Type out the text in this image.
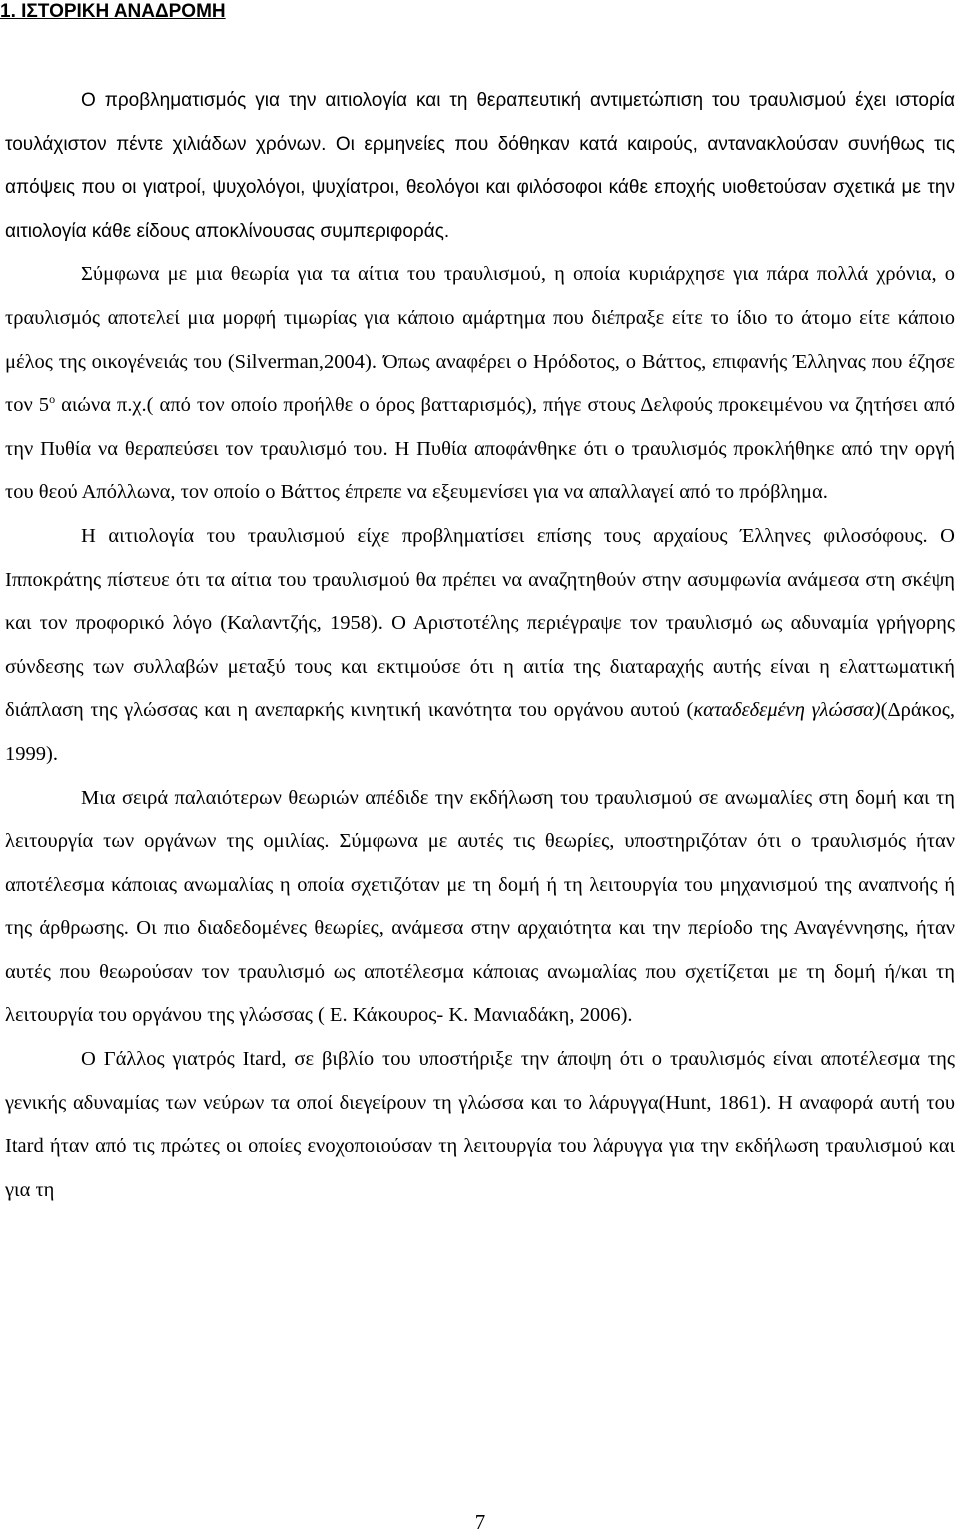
1. ΙΣΤΟΡΙΚΗ ΑΝΑΔΡΟΜΗ

Ο προβληματισμός για την αιτιολογία και τη θεραπευτική αντιμετώπιση του τραυλισμού έχει ιστορία τουλάχιστον πέντε χιλιάδων χρόνων. Οι ερμηνείες που δόθηκαν κατά καιρούς, αντανακλούσαν συνήθως τις απόψεις που οι γιατροί, ψυχολόγοι, ψυχίατροι, θεολόγοι και φιλόσοφοι κάθε εποχής υιοθετούσαν σχετικά με την αιτιολογία κάθε είδους αποκλίνουσας συμπεριφοράς.

Σύμφωνα με μια θεωρία για τα αίτια του τραυλισμού, η οποία κυριάρχησε για πάρα πολλά χρόνια, ο τραυλισμός αποτελεί μια μορφή τιμωρίας για κάποιο αμάρτημα που διέπραξε είτε το ίδιο το άτομο είτε κάποιο μέλος της οικογένειάς του (Silverman,2004). Όπως αναφέρει ο Ηρόδοτος, ο Βάττος, επιφανής Έλληνας που έζησε τον $5^o$ αιώνα π.χ.( από τον οποίο προήλθε ο όρος βατταρισμός), πήγε στους Δελφούς προκειμένου να ζητήσει από την Πυθία να θεραπεύσει τον τραυλισμό του. Η Πυθία αποφάνθηκε ότι ο τραυλισμός προκλήθηκε από την οργή του θεού Απόλλωνα, τον οποίο ο Βάττος έπρεπε να εξευμενίσει για να απαλλαγεί από το πρόβλημα.

Η αιτιολογία του τραυλισμού είχε προβληματίσει επίσης τους αρχαίους Έλληνες φιλοσόφους. Ο Ιπποκράτης πίστευε ότι τα αίτια του τραυλισμού θα πρέπει να αναζητηθούν στην ασυμφωνία ανάμεσα στη σκέψη και τον προφορικό λόγο (Καλαντζής, 1958). Ο Αριστοτέλης περιέγραψε τον τραυλισμό ως αδυναμία γρήγορης σύνδεσης των συλλαβών μεταξύ τους και εκτιμούσε ότι η αιτία της διαταραχής αυτής είναι η ελαττωματική διάπλαση της γλώσσας και η ανεπαρκής κινητική ικανότητα του οργάνου αυτού (καταδεδεμένη γλώσσα)(Δράκος, 1999).

Μια σειρά παλαιότερων θεωριών απέδιδε την εκδήλωση του τραυλισμού σε ανωμαλίες στη δομή και τη λειτουργία των οργάνων της ομιλίας. Σύμφωνα με αυτές τις θεωρίες, υποστηριζόταν ότι ο τραυλισμός ήταν αποτέλεσμα κάποιας ανωμαλίας η οποία σχετιζόταν με τη δομή ή τη λειτουργία του μηχανισμού της αναπνοής ή της άρθρωσης. Οι πιο διαδεδομένες θεωρίες, ανάμεσα στην αρχαιότητα και την περίοδο της Αναγέννησης, ήταν αυτές που θεωρούσαν τον τραυλισμό ως αποτέλεσμα κάποιας ανωμαλίας που σχετίζεται με τη δομή ή/και τη λειτουργία του οργάνου της γλώσσας ( Ε. Κάκουρος- Κ. Μανιαδάκη, 2006).

Ο Γάλλος γιατρός Itard, σε βιβλίο του υποστήριξε την άποψη ότι ο τραυλισμός είναι αποτέλεσμα της γενικής αδυναμίας των νεύρων τα οποί διεγείρουν τη γλώσσα και το λάρυγγα(Hunt, 1861). Η αναφορά αυτή του Itard ήταν από τις πρώτες οι οποίες ενοχοποιούσαν τη λειτουργία του λάρυγγα για την εκδήλωση τραυλισμού και για τη

7
